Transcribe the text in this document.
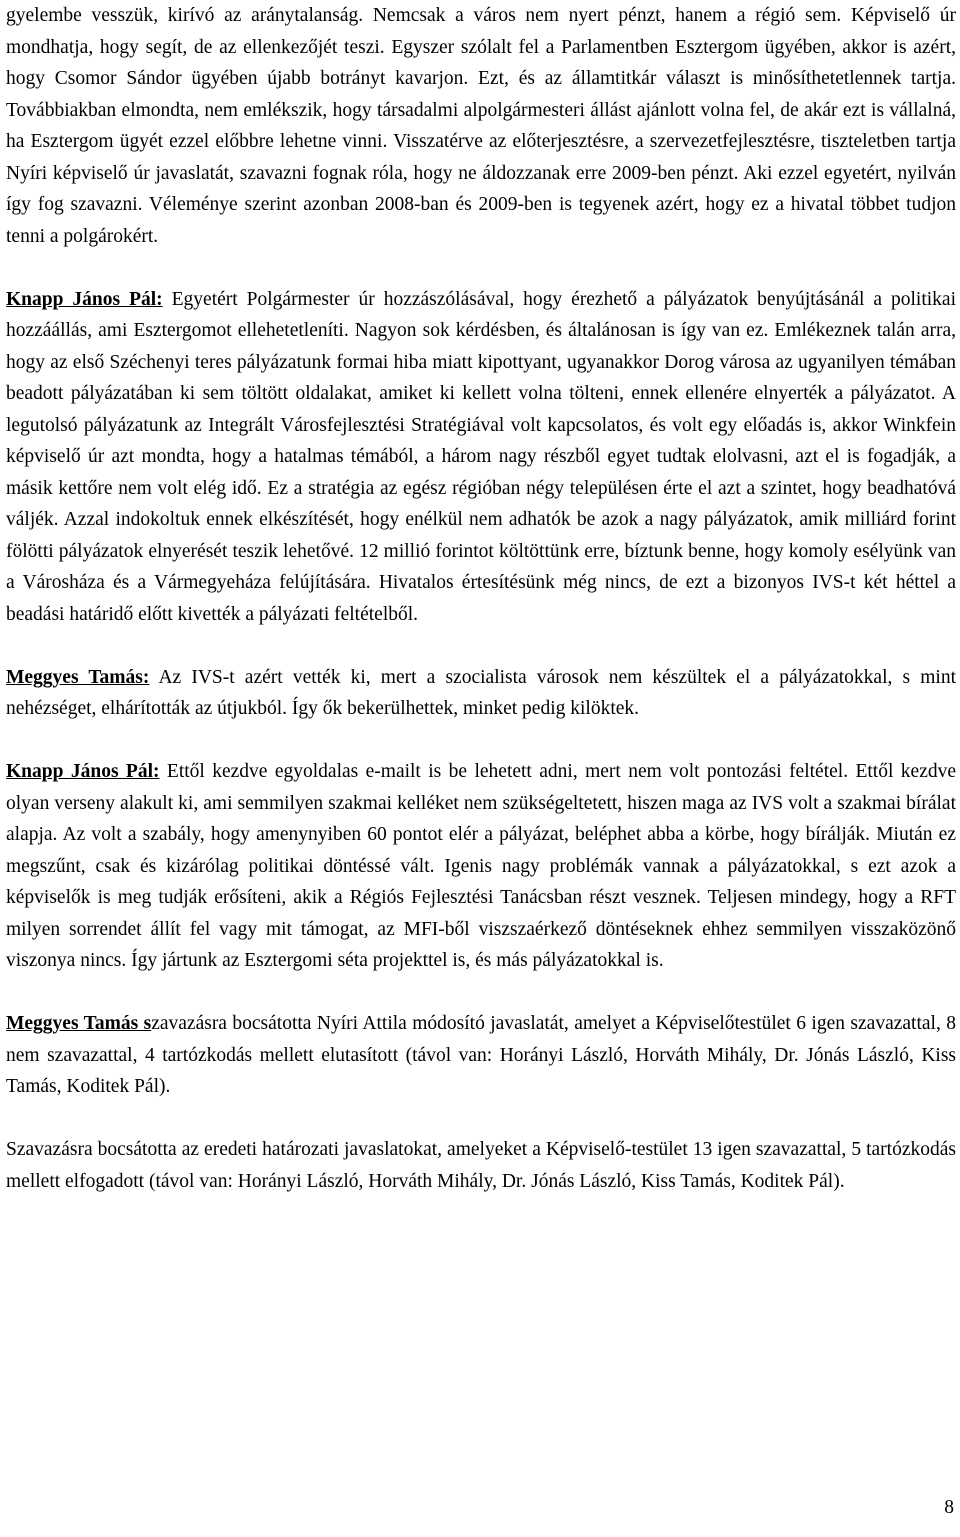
gyelembe vesszük, kirívó az aránytalanság. Nemcsak a város nem nyert pénzt, hanem a régió sem. Képviselő úr mondhatja, hogy segít, de az ellenkezőjét teszi. Egyszer szólalt fel a Parlamentben Esztergom ügyében, akkor is azért, hogy Csomor Sándor ügyében újabb botrányt kavarjon. Ezt, és az államtitkár választ is minősíthetetlennek tartja. Továbbiakban elmondta, nem emlékszik, hogy társadalmi alpolgármesteri állást ajánlott volna fel, de akár ezt is vállalná, ha Esztergom ügyét ezzel előbbre lehetne vinni. Visszatérve az előterjesztésre, a szervezetfejlesztésre, tiszteletben tartja Nyíri képviselő úr javaslatát, szavazni fognak róla, hogy ne áldozzanak erre 2009-ben pénzt. Aki ezzel egyetért, nyilván így fog szavazni. Véleménye szerint azonban 2008-ban és 2009-ben is tegyenek azért, hogy ez a hivatal többet tudjon tenni a polgárokért.

Knapp János Pál: Egyetért Polgármester úr hozzászólásával, hogy érezhető a pályázatok benyújtásánál a politikai hozzáállás, ami Esztergomot ellehetetleníti. Nagyon sok kérdésben, és általánosan is így van ez. Emlékeznek talán arra, hogy az első Széchenyi teres pályázatunk formai hiba miatt kipottyant, ugyanakkor Dorog városa az ugyanilyen témában beadott pályázatában ki sem töltött oldalakat, amiket ki kellett volna tölteni, ennek ellenére elnyerték a pályázatot. A legutolsó pályázatunk az Integrált Városfejlesztési Stratégiával volt kapcsolatos, és volt egy előadás is, akkor Winkfein képviselő úr azt mondta, hogy a hatalmas témából, a három nagy részből egyet tudtak elolvasni, azt el is fogadják, a másik kettőre nem volt elég idő. Ez a stratégia az egész régióban négy településen érte el azt a szintet, hogy beadhatóvá váljék. Azzal indokoltuk ennek elkészítését, hogy enélkül nem adhatók be azok a nagy pályázatok, amik milliárd forint fölötti pályázatok elnyerését teszik lehetővé. 12 millió forintot költöttünk erre, bíztunk benne, hogy komoly esélyünk van a Városháza és a Vármegyeháza felújítására. Hivatalos értesítésünk még nincs, de ezt a bizonyos IVS-t két héttel a beadási határidő előtt kivették a pályázati feltételből.

Meggyes Tamás: Az IVS-t azért vették ki, mert a szocialista városok nem készültek el a pályázatokkal, s mint nehézséget, elhárították az útjukból. Így ők bekerülhettek, minket pedig kilöktek.

Knapp János Pál: Ettől kezdve egyoldalas e-mailt is be lehetett adni, mert nem volt pontozási feltétel. Ettől kezdve olyan verseny alakult ki, ami semmilyen szakmai kelléket nem szükségeltetett, hiszen maga az IVS volt a szakmai bírálat alapja. Az volt a szabály, hogy amenynyiben 60 pontot elér a pályázat, beléphet abba a körbe, hogy bírálják. Miután ez megszűnt, csak és kizárólag politikai döntéssé vált. Igenis nagy problémák vannak a pályázatokkal, s ezt azok a képviselők is meg tudják erősíteni, akik a Régiós Fejlesztési Tanácsban részt vesznek. Teljesen mindegy, hogy a RFT milyen sorrendet állít fel vagy mit támogat, az MFI-ből viszszaérkező döntéseknek ehhez semmilyen visszaközönő viszonya nincs. Így jártunk az Esztergomi séta projekttel is, és más pályázatokkal is.

Meggyes Tamás szavazásra bocsátotta Nyíri Attila módosító javaslatát, amelyet a Képviselőtestület 6 igen szavazattal, 8 nem szavazattal, 4 tartózkodás mellett elutasított (távol van: Horányi László, Horváth Mihály, Dr. Jónás László, Kiss Tamás, Koditek Pál).

Szavazásra bocsátotta az eredeti határozati javaslatokat, amelyeket a Képviselő-testület 13 igen szavazattal, 5 tartózkodás mellett elfogadott (távol van: Horányi László, Horváth Mihály, Dr. Jónás László, Kiss Tamás, Koditek Pál).

8
